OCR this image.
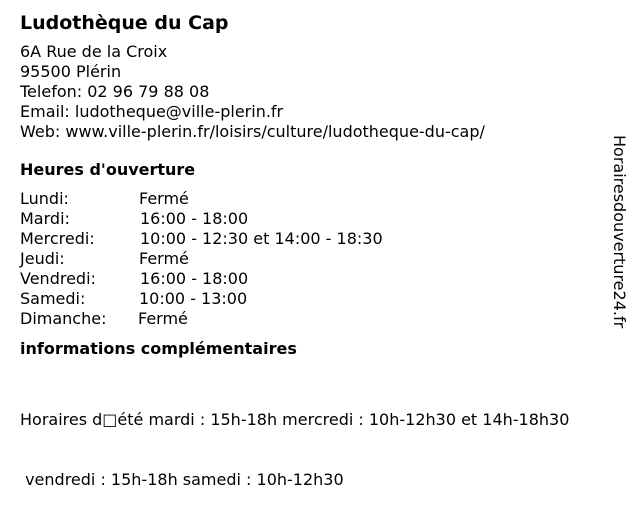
Ludothèque du Cap
6A Rue de la Croix
95500 Plérin
Telefon: 02 96 79 88 08
Email: ludotheque@ville-plerin.fr
Web: www.ville-plerin.fr/loisirs/culture/ludotheque-du-cap/
Heures d'ouverture
Lundi:	Fermé
Mardi:	16:00 - 18:00
Mercredi:	10:00 - 12:30 et 14:00 - 18:30
Jeudi:	Fermé
Vendredi:	16:00 - 18:00
Samedi:	10:00 - 13:00
Dimanche: Fermé
informations complémentaires

Horaires d□été mardi : 15h-18h mercredi : 10h-12h30 et 14h-18h30

vendredi : 15h-18h samedi : 10h-12h30

Horairesdouverture24.fr
